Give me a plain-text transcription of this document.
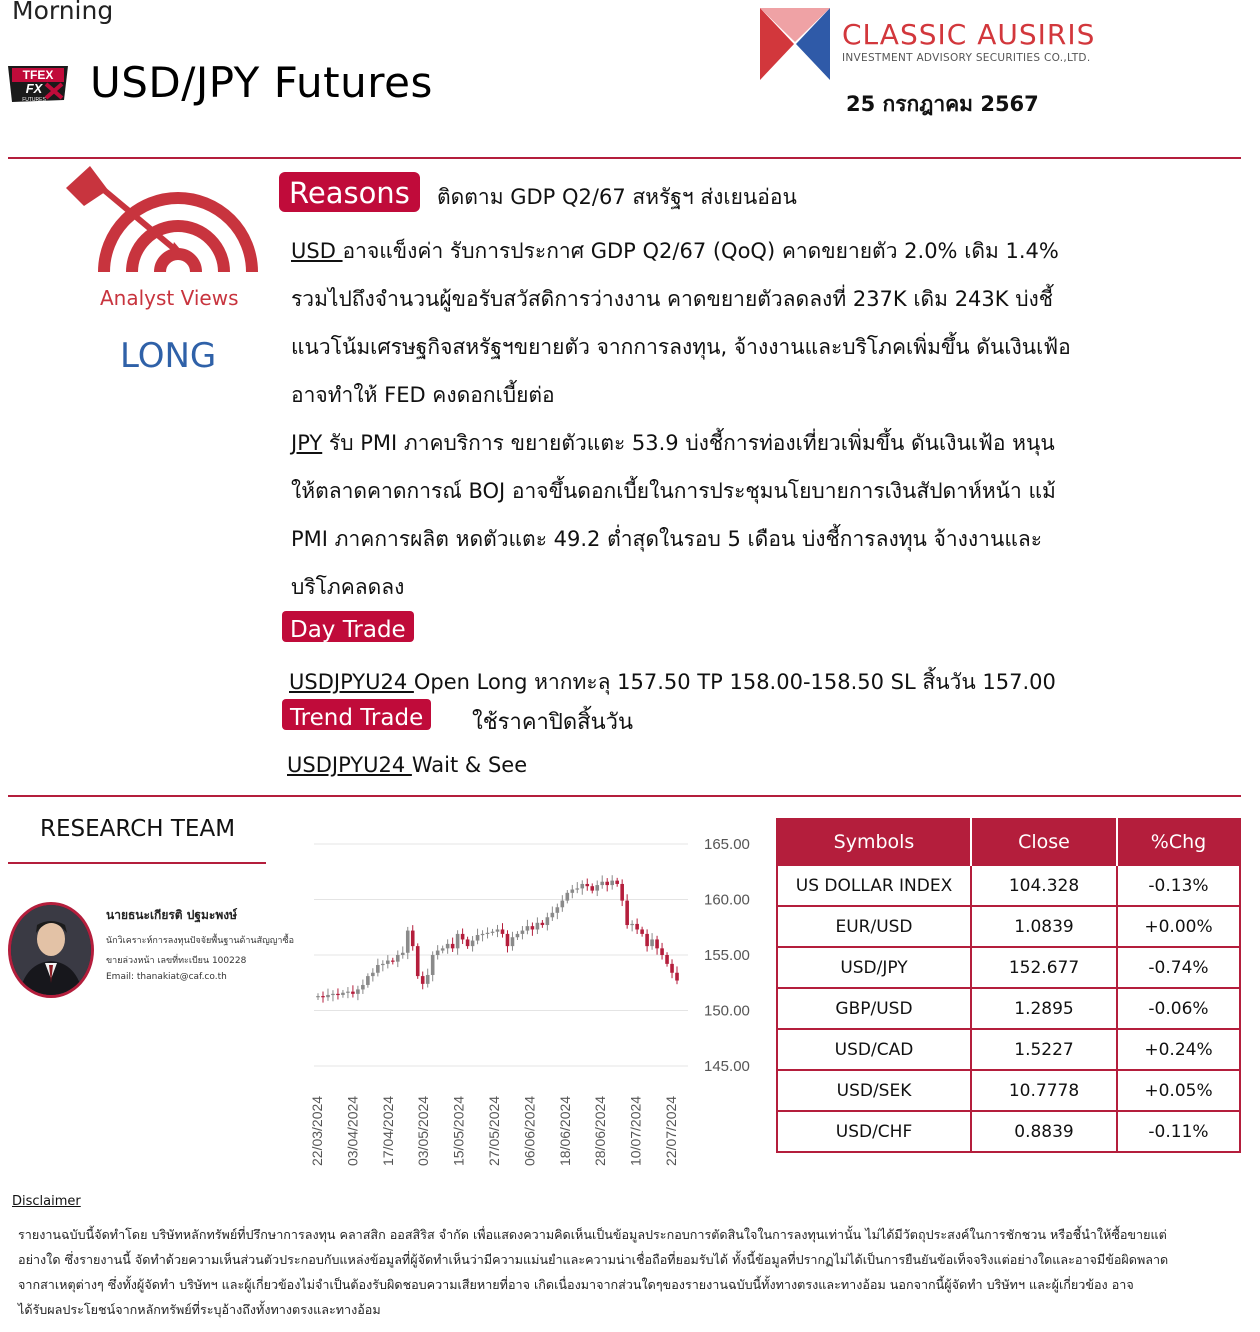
Morning
TFEX
FX
FUTURES USD/JPY Futures
CLASSIC AUSIRIS
INVESTMENT ADVISORY SECURITIES CO.,LTD.
25 กรกฎาคม 2567
Analyst Views
LONG
Reasons	ติดตาม GDP Q2/67 สหรัฐฯ ส่งเยนอ่อน
USD อาจแข็งค่า รับการประกาศ GDP Q2/67 (QoQ) คาดขยายตัว 2.0% เดิม 1.4%
รวมไปถึงจำนวนผู้ขอรับสวัสดิการว่างงาน คาดขยายตัวลดลงที่ 237K เดิม 243K บ่งชี้
แนวโน้มเศรษฐกิจสหรัฐฯขยายตัว จากการลงทุน, จ้างงานและบริโภคเพิ่มขึ้น ดันเงินเฟ้อ
อาจทำให้ FED คงดอกเบี้ยต่อ
JPY รับ PMI ภาคบริการ ขยายตัวแตะ 53.9 บ่งชี้การท่องเที่ยวเพิ่มขึ้น ดันเงินเฟ้อ หนุน
ให้ตลาดคาดการณ์ BOJ อาจขึ้นดอกเบี้ยในการประชุมนโยบายการเงินสัปดาห์หน้า แม้
PMI ภาคการผลิต หดตัวแตะ 49.2 ต่ำสุดในรอบ 5 เดือน บ่งชี้การลงทุน จ้างงานและ
บริโภคลดลง
Day Trade
USDJPYU24 Open Long หากทะลุ 157.50 TP 158.00-158.50 SL สิ้นวัน 157.00
Trend Trade	ใช้ราคาปิดสิ้นวัน
USDJPYU24 Wait & See
RESEARCH TEAM
นายธนะเกียรติ ปฐมะพงษ์
นักวิเคราะห์การลงทุนปัจจัยพื้นฐานด้านสัญญาซื้อ
ขายล่วงหน้า เลขที่ทะเบียน 100228
Email: thanakiat@caf.co.th
165.00
160.00
155.00
150.00
145.00
22/03/2024 03/04/2024 17/04/2024 03/05/2024 15/05/2024 27/05/2024 06/06/2024 18/06/2024 28/06/2024 10/07/2024 22/07/2024
Symbols	Close	%Chg
US DOLLAR INDEX	104.328	-0.13%
EUR/USD	1.0839	+0.00%
USD/JPY	152.677	-0.74%
GBP/USD	1.2895	-0.06%
USD/CAD	1.5227	+0.24%
USD/SEK	10.7778	+0.05%
USD/CHF	0.8839	-0.11%
Disclaimer
รายงานฉบับนี้จัดทำโดย บริษัทหลักทรัพย์ที่ปรึกษาการลงทุน คลาสสิก ออสสิริส จำกัด เพื่อแสดงความคิดเห็นเป็นข้อมูลประกอบการตัดสินใจในการลงทุนเท่านั้น ไม่ได้มีวัตถุประสงค์ในการชักชวน หรือชี้นำให้ซื้อขายแต่
อย่างใด ซึ่งรายงานนี้ จัดทำด้วยความเห็นส่วนตัวประกอบกับแหล่งข้อมูลที่ผู้จัดทำเห็นว่ามีความแม่นยำและความน่าเชื่อถือที่ยอมรับได้ ทั้งนี้ข้อมูลที่ปรากฏไม่ได้เป็นการยืนยันข้อเท็จจริงแต่อย่างใดและอาจมีข้อผิดพลาด
จากสาเหตุต่างๆ ซึ่งทั้งผู้จัดทำ บริษัทฯ และผู้เกี่ยวข้องไม่จำเป็นต้องรับผิดชอบความเสียหายที่อาจ เกิดเนื่องมาจากส่วนใดๆของรายงานฉบับนี้ทั้งทางตรงและทางอ้อม นอกจากนี้ผู้จัดทำ บริษัทฯ และผู้เกี่ยวข้อง อาจ
ได้รับผลประโยชน์จากหลักทรัพย์ที่ระบุอ้างถึงทั้งทางตรงและทางอ้อม
